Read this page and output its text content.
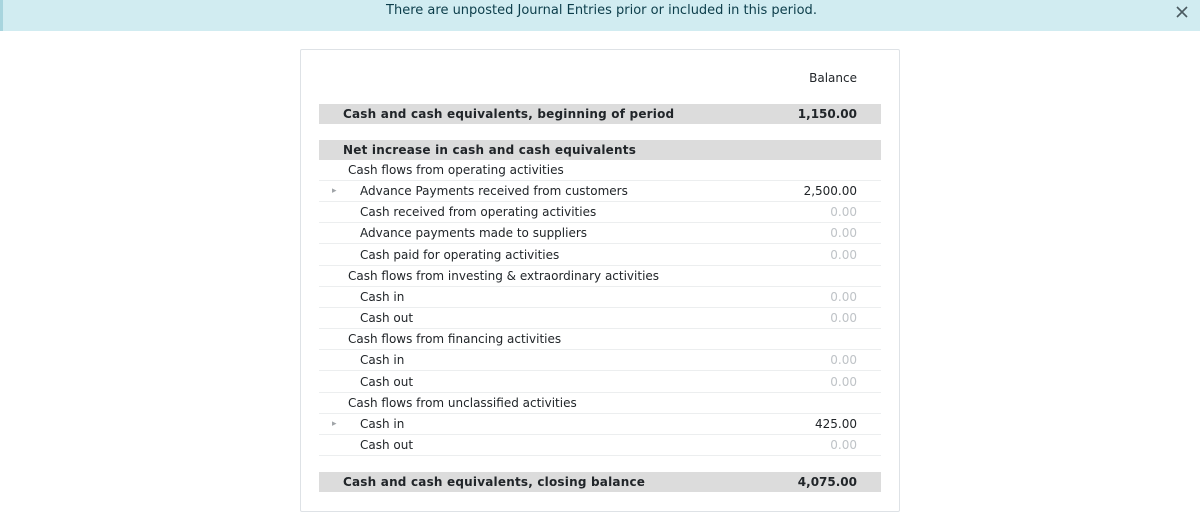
There are unposted Journal Entries prior or included in this period.
Balance
Cash and cash equivalents, beginning of period	1,150.00
Net increase in cash and cash equivalents
Cash flows from operating activities
▸ Advance Payments received from customers	2,500.00
Cash received from operating activities	0.00
Advance payments made to suppliers	0.00
Cash paid for operating activities	0.00
Cash flows from investing & extraordinary activities
Cash in	0.00
Cash out	0.00
Cash flows from financing activities
Cash in	0.00
Cash out	0.00
Cash flows from unclassified activities
▸ Cash in	425.00
Cash out	0.00
Cash and cash equivalents, closing balance	4,075.00
